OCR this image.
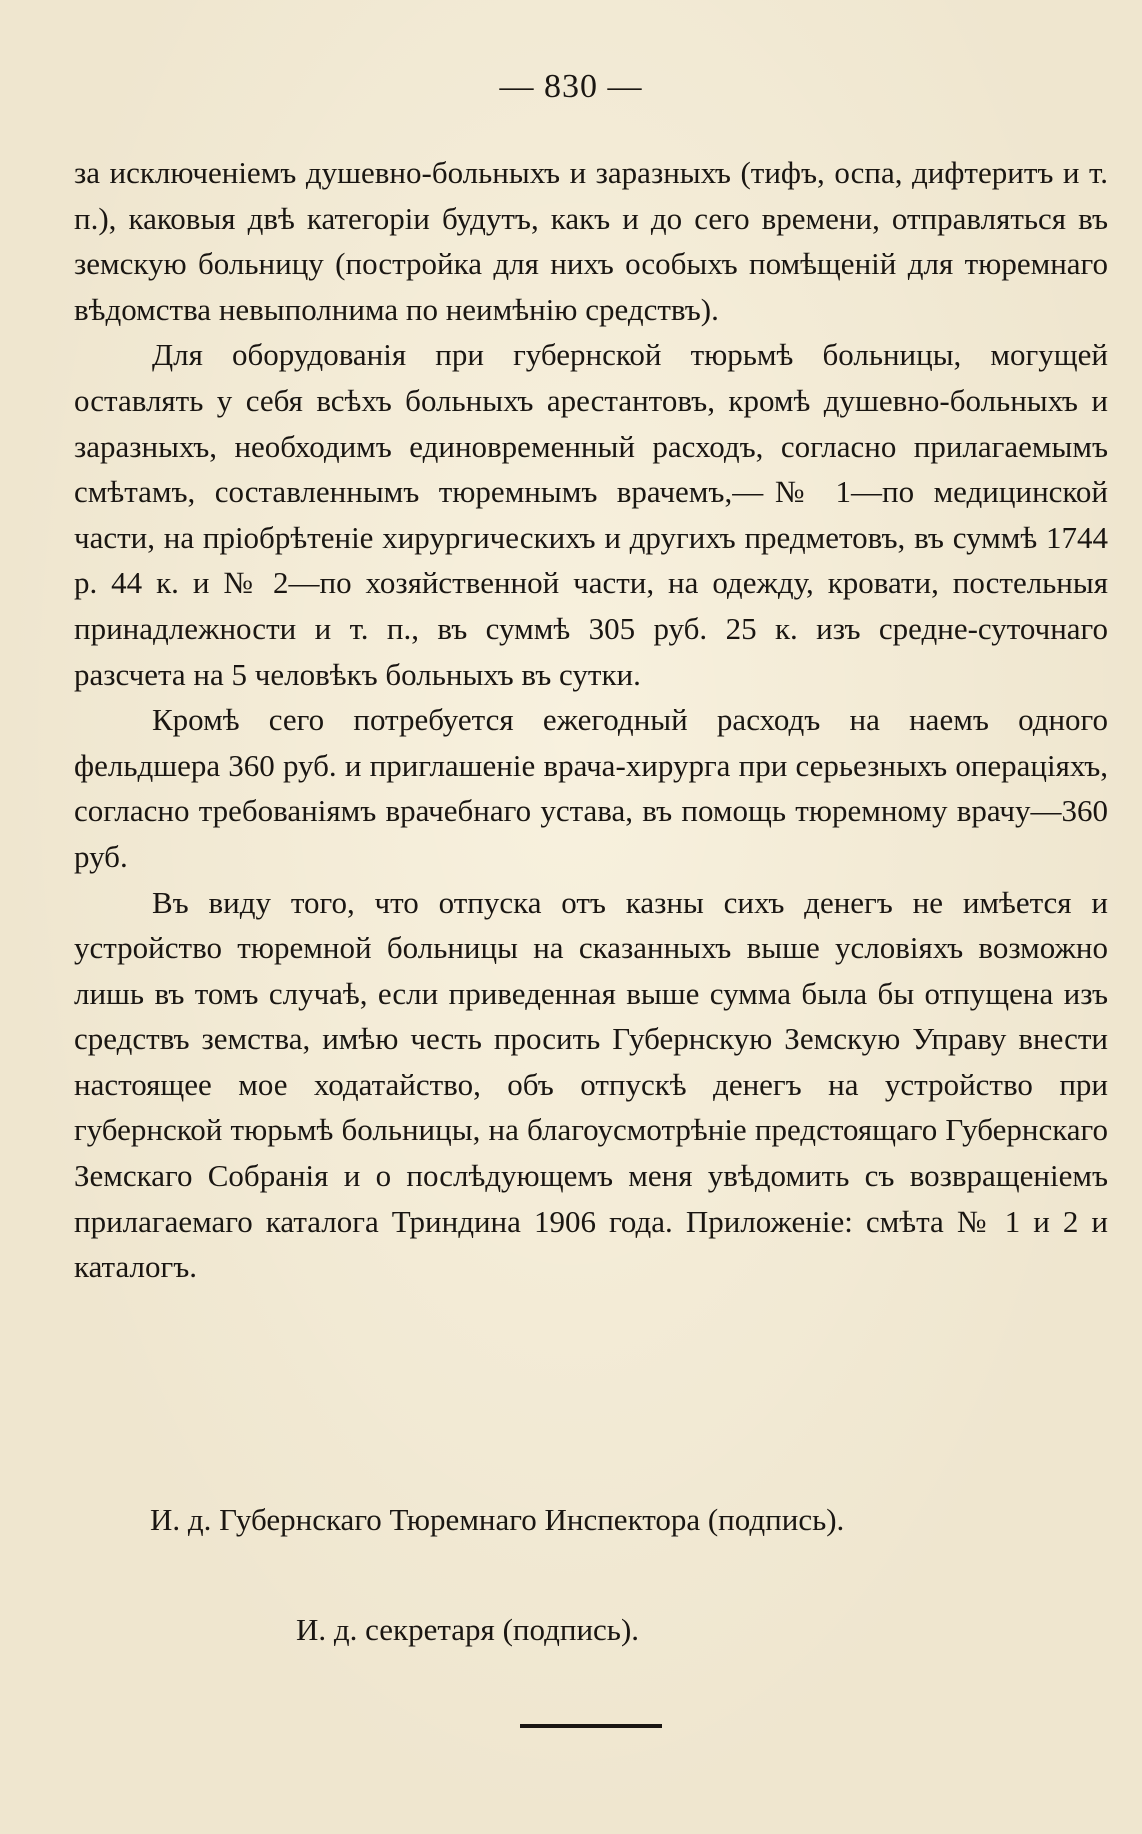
— 830 —

за исключеніемъ душевно-больныхъ и заразныхъ (тифъ, оспа, дифтеритъ и т. п.), каковыя двѣ категоріи будутъ, какъ и до сего времени, отправляться въ земскую больницу (постройка для нихъ особыхъ помѣщеній для тюремнаго вѣдомства невыполнима по неимѣнію средствъ).

Для оборудованія при губернской тюрьмѣ больницы, могущей оставлять у себя всѣхъ больныхъ арестантовъ, кромѣ душевно-больныхъ и заразныхъ, необходимъ единовременный расходъ, согласно прилагаемымъ смѣтамъ, составленнымъ тюремнымъ врачемъ,—№ 1—по медицинской части, на пріобрѣтеніе хирургическихъ и другихъ предметовъ, въ суммѣ 1744 р. 44 к. и № 2—по хозяйственной части, на одежду, кровати, постельныя принадлежности и т. п., въ суммѣ 305 руб. 25 к. изъ средне-суточнаго разсчета на 5 человѣкъ больныхъ въ сутки.

Кромѣ сего потребуется ежегодный расходъ на наемъ одного фельдшера 360 руб. и приглашеніе врача-хирурга при серьезныхъ операціяхъ, согласно требованіямъ врачебнаго устава, въ помощь тюремному врачу—360 руб.

Въ виду того, что отпуска отъ казны сихъ денегъ не имѣется и устройство тюремной больницы на сказанныхъ выше условіяхъ возможно лишь въ томъ случаѣ, если приведенная выше сумма была бы отпущена изъ средствъ земства, имѣю честь просить Губернскую Земскую Управу внести настоящее мое ходатайство, объ отпускѣ денегъ на устройство при губернской тюрьмѣ больницы, на благоусмотрѣніе предстоящаго Губернскаго Земскаго Собранія и о послѣдующемъ меня увѣдомить съ возвращеніемъ прилагаемаго каталога Триндина 1906 года. Приложеніе: смѣта № 1 и 2 и каталогъ.

И. д. Губернскаго Тюремнаго Инспектора (подпись).
И. д. секретаря (подпись).
